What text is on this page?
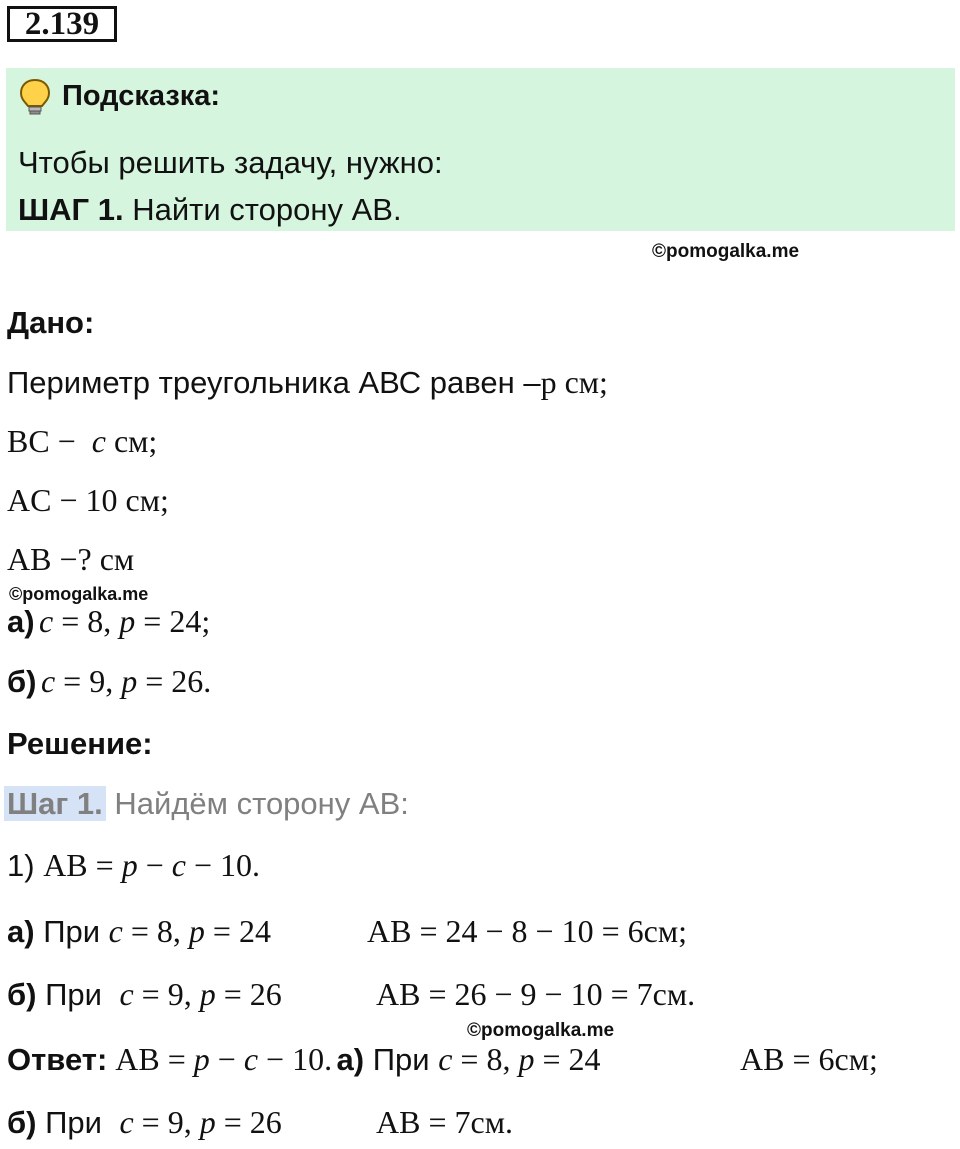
2.139
Подсказка:
Чтобы решить задачу, нужно:
ШАГ 1. Найти сторону АВ.
©pomogalka.me
Дано:
Периметр треугольника АВС равен –р см;
BC −  c см;
AC − 10 см;
AB −? см
©pomogalka.me
а) c = 8, p = 24;
б) c = 9, p = 26.
Решение:
Шаг 1. Найдём сторону АВ:
1) AB = p − c − 10.
а) При c = 8, p = 24	AB = 24 − 8 − 10 = 6см;
б) При   c = 9, p = 26	AB = 26 − 9 − 10 = 7см.
©pomogalka.me
Ответ: AB = p − c − 10. а) При c = 8, p = 24	AB = 6см;
б) При   c = 9, p = 26	AB = 7см.
